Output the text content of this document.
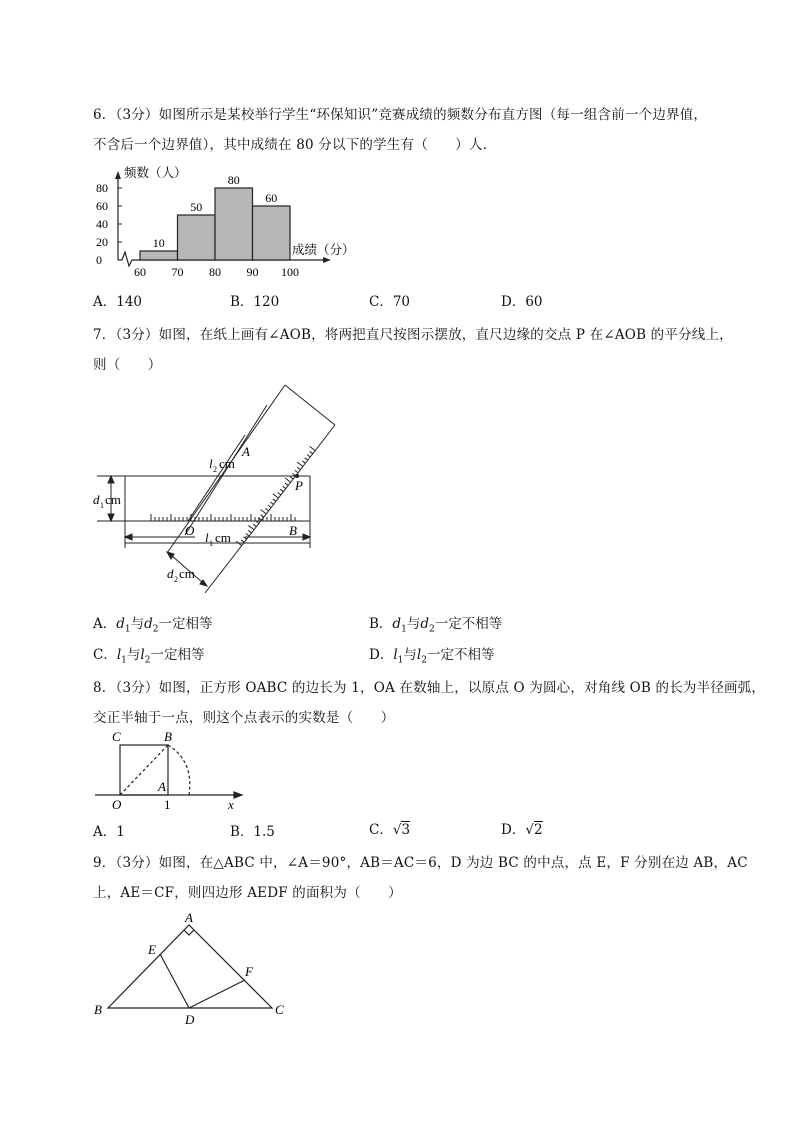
6．（3分）如图所示是某校举行学生“环保知识”竞赛成绩的频数分布直方图（每一组含前一个边界值，
不含后一个边界值），其中成绩在 80 分以下的学生有（　　）人．
0
20
40
60
80
10
50
80
60
60 70 80 90 100
频数（人）
成绩（分）
A．140	B．120	C．70	D．60
7．（3分）如图，在纸上画有∠AOB，将两把直尺按图示摆放，直尺边缘的交点 P 在∠AOB 的平分线上，
则（　　）
A
B
O
P
d 1 cm
l 2 cm
l 1 cm
d 2 cm
A．$d_1$与$d_2$一定相等	B．$d_1$与$d_2$一定不相等
C．$l_1$与$l_2$一定相等	D．$l_1$与$l_2$一定不相等
8．（3分）如图，正方形 OABC 的边长为 1，OA 在数轴上，以原点 O 为圆心，对角线 OB 的长为半径画弧，
交正半轴于一点，则这个点表示的实数是（　　）
C	B
A
O	1	x
A．1	B．1.5	C．√3	D．√2
9．（3分）如图，在△ABC 中，∠A＝90°，AB＝AC＝6，D 为边 BC 的中点，点 E，F 分别在边 AB，AC
上，AE＝CF，则四边形 AEDF 的面积为（　　）
A
B	C
D
E
F
